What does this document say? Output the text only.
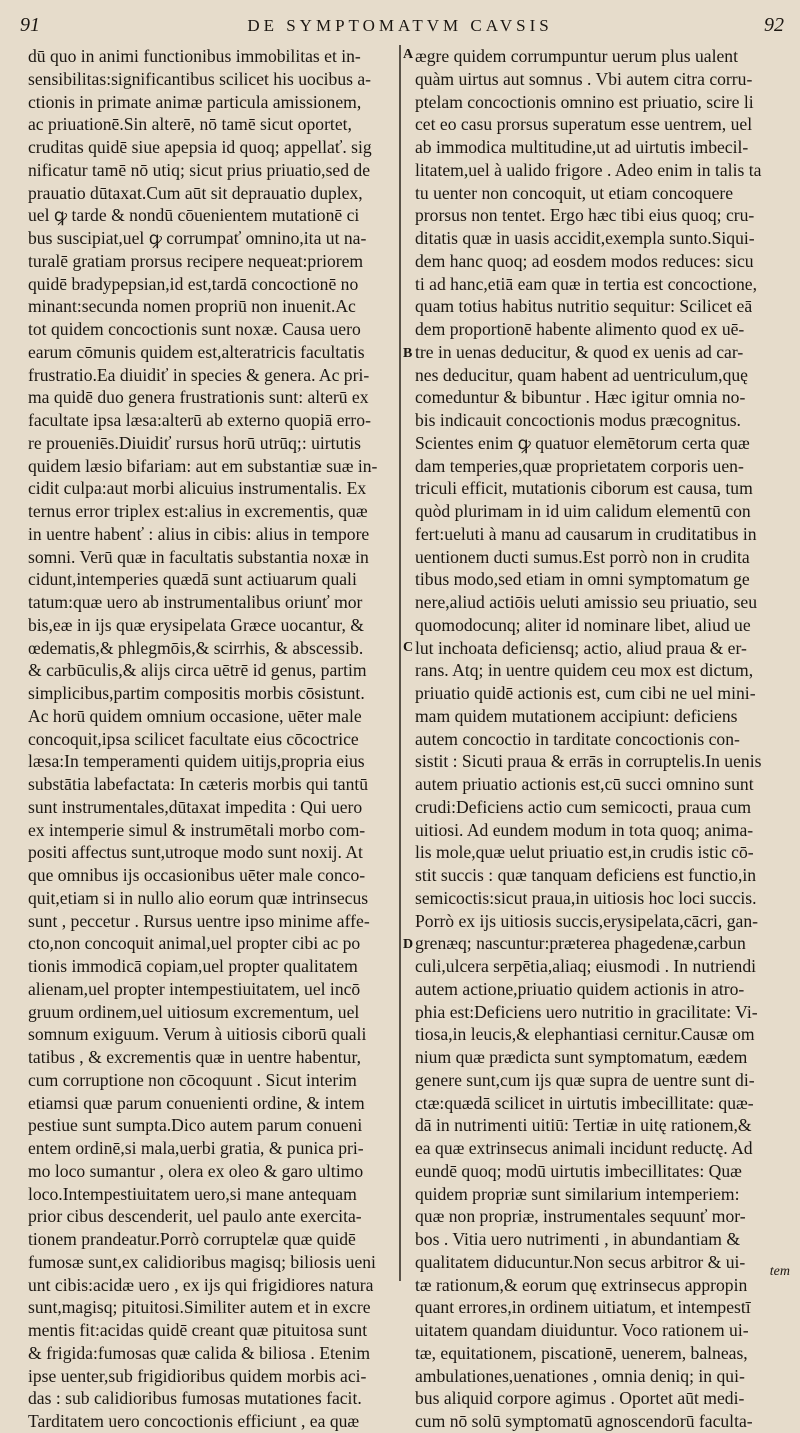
91	DE SYMPTOMATVM CAVSIS	92
dū quo in animi functionibus immobilitas et in-
sensibilitas:significantibus scilicet his uocibus a-
ctionis in primate animæ particula amissionem,
ac priuationē.Sin alterē, nō tamē sicut oportet,
cruditas quidē siue apepsia id quoq; appellať. sig
nificatur tamē nō utiq; sicut prius priuatio,sed de
prauatio dūtaxat.Cum aūt sit deprauatio duplex,
uel ꝙ tarde & nondū cōuenientem mutationē ci
bus suscipiat,uel ꝙ corrumpať omnino,ita ut na-
turalē gratiam prorsus recipere nequeat:priorem
quidē bradypepsian,id est,tardā concoctionē no
minant:secunda nomen propriū non inuenit.Ac
tot quidem concoctionis sunt noxæ. Causa uero
earum cōmunis quidem est,alteratricis facultatis
frustratio.Ea diuidiť in species & genera. Ac pri-
ma quidē duo genera frustrationis sunt: alterū ex
facultate ipsa læsa:alterū ab externo quopiā erro-
re proueniēs.Diuidiť rursus horū utrūq;: uirtutis
quidem læsio bifariam: aut em substantiæ suæ in-
cidit culpa:aut morbi alicuius instrumentalis. Ex
ternus error triplex est:alius in excrementis, quæ
in uentre habenť : alius in cibis: alius in tempore
somni. Verū quæ in facultatis substantia noxæ in
cidunt,intemperies quædā sunt actiuarum quali
tatum:quæ uero ab instrumentalibus oriunť mor
bis,eæ in ijs quæ erysipelata Græce uocantur, &
œdematis,& phlegmōis,& scirrhis, & abscessib.
& carbūculis,& alijs circa uētrē id genus, partim
simplicibus,partim compositis morbis cōsistunt.
Ac horū quidem omnium occasione, uēter male
concoquit,ipsa scilicet facultate eius cōcoctrice
læsa:In temperamenti quidem uitijs,propria eius
substātia labefactata: In cæteris morbis qui tantū
sunt instrumentales,dūtaxat impedita : Qui uero
ex intemperie simul & instrumētali morbo com-
positi affectus sunt,utroque modo sunt noxij. At
que omnibus ijs occasionibus uēter male conco-
quit,etiam si in nullo alio eorum quæ intrinsecus
sunt , peccetur . Rursus uentre ipso minime affe-
cto,non concoquit animal,uel propter cibi ac po
tionis immodicā copiam,uel propter qualitatem
alienam,uel propter intempestiuitatem, uel incō
gruum ordinem,uel uitiosum excrementum, uel
somnum exiguum. Verum à uitiosis ciborū quali
tatibus , & excrementis quæ in uentre habentur,
cum corruptione non cōcoquunt . Sicut interim
etiamsi quæ parum conuenienti ordine, & intem
pestiue sunt sumpta.Dico autem parum conueni
entem ordinē,si mala,uerbi gratia, & punica pri-
mo loco sumantur , olera ex oleo & garo ultimo
loco.Intempestiuitatem uero,si mane antequam
prior cibus descenderit, uel paulo ante exercita-
tionem prandeatur.Porrò corruptelæ quæ quidē
fumosæ sunt,ex calidioribus magisq; biliosis ueni
unt cibis:acidæ uero , ex ijs qui frigidiores natura
sunt,magisq; pituitosi.Similiter autem et in excre
mentis fit:acidas quidē creant quæ pituitosa sunt
& frigida:fumosas quæ calida & biliosa . Etenim
ipse uenter,sub frigidioribus quidem morbis aci-
das : sub calidioribus fumosas mutationes facit.
Tarditatem uero concoctionis efficiunt , ea quæ
ægre quidem corrumpuntur uerum plus ualent
quàm uirtus aut somnus . Vbi autem citra corru-
ptelam concoctionis omnino est priuatio, scire li
cet eo casu prorsus superatum esse uentrem, uel
ab immodica multitudine,ut ad uirtutis imbecil-
litatem,uel à ualido frigore . Adeo enim in talis ta
tu uenter non concoquit, ut etiam concoquere
prorsus non tentet. Ergo hæc tibi eius quoq; cru-
ditatis quæ in uasis accidit,exempla sunto.Siqui-
dem hanc quoq; ad eosdem modos reduces: sicu
ti ad hanc,etiā eam quæ in tertia est concoctione,
quam totius habitus nutritio sequitur: Scilicet eā
dem proportionē habente alimento quod ex uē-
tre in uenas deducitur, & quod ex uenis ad car-
nes deducitur, quam habent ad uentriculum,quę
comeduntur & bibuntur . Hæc igitur omnia no-
bis indicauit concoctionis modus præcognitus.
Scientes enim ꝙ quatuor elemētorum certa quæ
dam temperies,quæ proprietatem corporis uen-
triculi efficit, mutationis ciborum est causa, tum
quòd plurimam in id uim calidum elementū con
fert:ueluti à manu ad causarum in cruditatibus in
uentionem ducti sumus.Est porrò non in crudita
tibus modo,sed etiam in omni symptomatum ge
nere,aliud actiōis ueluti amissio seu priuatio, seu
quomodocunq; aliter id nominare libet, aliud ue
lut inchoata deficiensq; actio, aliud praua & er-
rans. Atq; in uentre quidem ceu mox est dictum,
priuatio quidē actionis est, cum cibi ne uel mini-
mam quidem mutationem accipiunt: deficiens
autem concoctio in tarditate concoctionis con-
sistit : Sicuti praua & errās in corruptelis.In uenis
autem priuatio actionis est,cū succi omnino sunt
crudi:Deficiens actio cum semicocti, praua cum
uitiosi. Ad eundem modum in tota quoq; anima-
lis mole,quæ uelut priuatio est,in crudis istic cō-
stit succis : quæ tanquam deficiens est functio,in
semicoctis:sicut praua,in uitiosis hoc loci succis.
Porrò ex ijs uitiosis succis,erysipelata,cācri, gan-
grenæq; nascuntur:præterea phagedenæ,carbun
culi,ulcera serpētia,aliaq; eiusmodi . In nutriendi
autem actione,priuatio quidem actionis in atro-
phia est:Deficiens uero nutritio in gracilitate: Vi-
tiosa,in leucis,& elephantiasi cernitur.Causæ om
nium quæ prædicta sunt symptomatum, eædem
genere sunt,cum ijs quæ supra de uentre sunt di-
ctæ:quædā scilicet in uirtutis imbecillitate: quæ-
dā in nutrimenti uitiū: Tertiæ in uitę rationem,&
ea quæ extrinsecus animali incidunt reductę. Ad
eundē quoq; modū uirtutis imbecillitates: Quæ
quidem propriæ sunt similarium intemperiem:
quæ non propriæ, instrumentales sequunť mor-
bos . Vitia uero nutrimenti , in abundantiam &
qualitatem diducuntur.Non secus arbitror & ui-
tæ rationum,& eorum quę extrinsecus appropin
quant errores,in ordinem uitiatum, et intempestī
uitatem quandam diuiduntur. Voco rationem ui-
tæ, equitationem, piscationē, uenerem, balneas,
ambulationes,uenationes , omnia deniq; in qui-
bus aliquid corpore agimus . Oportet aūt medi-
cum nō solū symptomatū agnoscendorū faculta-
A
B
C
D
tem
